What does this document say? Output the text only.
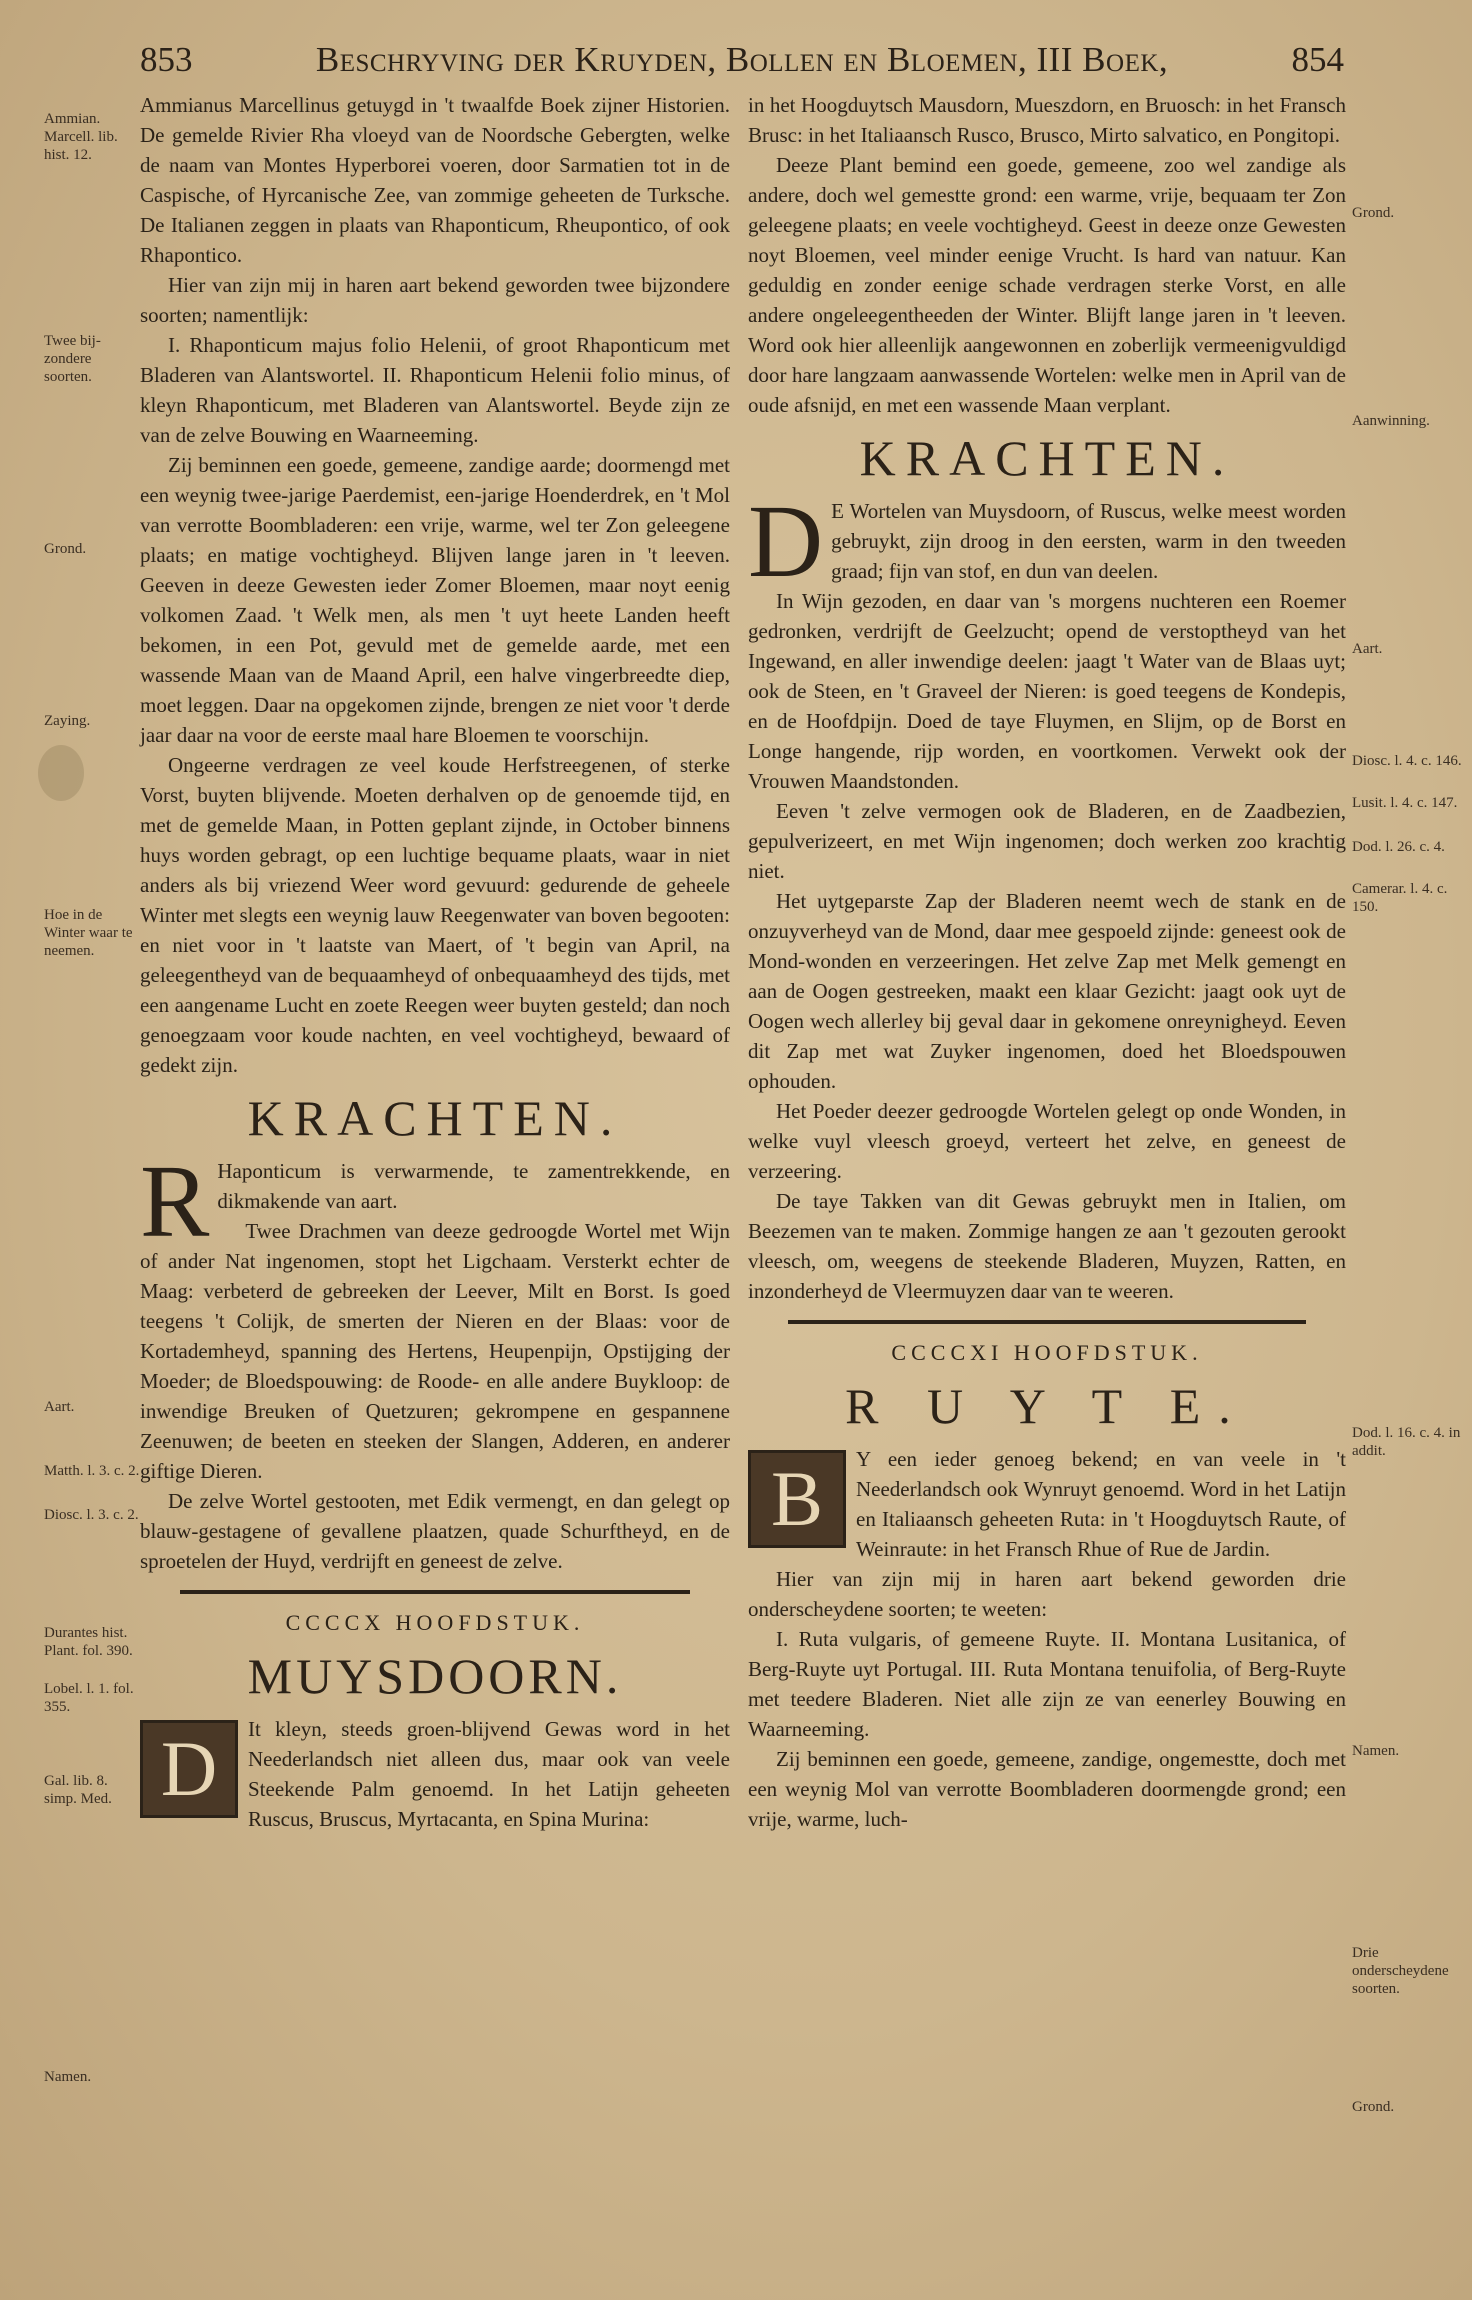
853	Beschryving der Kruyden, Bollen en Bloemen, III Boek,	854
Ammian. Marcell. lib. hist. 12.
Twee bij-zondere soorten.
Grond.
Zaying.
Hoe in de Winter waar te neemen.
Aart.
Matth. l. 3. c. 2.
Diosc. l. 3. c. 2.
Durantes hist. Plant. fol. 390.
Lobel. l. 1. fol. 355.
Gal. lib. 8. simp. Med.
Namen.

Ammianus Marcellinus getuygd in 't twaalfde Boek zijner Historien. De gemelde Rivier Rha vloeyd van de Noordsche Gebergten, welke de naam van Montes Hyperborei voeren, door Sarmatien tot in de Caspische, of Hyrcanische Zee, van zommige geheeten de Turksche. De Italianen zeggen in plaats van Rhaponticum, Rheupontico, of ook Rhapontico.

Hier van zijn mij in haren aart bekend geworden twee bijzondere soorten; namentlijk:

I. Rhaponticum majus folio Helenii, of groot Rhaponticum met Bladeren van Alantswortel. II. Rhaponticum Helenii folio minus, of kleyn Rhaponticum, met Bladeren van Alantswortel. Beyde zijn ze van de zelve Bouwing en Waarneeming.

Zij beminnen een goede, gemeene, zandige aarde; doormengd met een weynig twee-jarige Paerdemist, een-jarige Hoenderdrek, en 't Mol van verrotte Boombladeren: een vrije, warme, wel ter Zon geleegene plaats; en matige vochtigheyd. Blijven lange jaren in 't leeven. Geeven in deeze Gewesten ieder Zomer Bloemen, maar noyt eenig volkomen Zaad. 't Welk men, als men 't uyt heete Landen heeft bekomen, in een Pot, gevuld met de gemelde aarde, met een wassende Maan van de Maand April, een halve vingerbreedte diep, moet leggen. Daar na opgekomen zijnde, brengen ze niet voor 't derde jaar daar na voor de eerste maal hare Bloemen te voorschijn.

Ongeerne verdragen ze veel koude Herfstreegenen, of sterke Vorst, buyten blijvende. Moeten derhalven op de genoemde tijd, en met de gemelde Maan, in Potten geplant zijnde, in October binnens huys worden gebragt, op een luchtige bequame plaats, waar in niet anders als bij vriezend Weer word gevuurd: gedurende de geheele Winter met slegts een weynig lauw Reegenwater van boven begooten: en niet voor in 't laatste van Maert, of 't begin van April, na geleegentheyd van de bequaamheyd of onbequaamheyd des tijds, met een aangename Lucht en zoete Reegen weer buyten gesteld; dan noch genoegzaam voor koude nachten, en veel vochtigheyd, bewaard of gedekt zijn.

KRACHTEN.

R Haponticum is verwarmende, te zamentrekkende, en dikmakende van aart.

Twee Drachmen van deeze gedroogde Wortel met Wijn of ander Nat ingenomen, stopt het Ligchaam. Versterkt echter de Maag: verbeterd de gebreeken der Leever, Milt en Borst. Is goed teegens 't Colijk, de smerten der Nieren en der Blaas: voor de Kortademheyd, spanning des Hertens, Heupenpijn, Opstijging der Moeder; de Bloedspouwing: de Roode- en alle andere Buykloop: de inwendige Breuken of Quetzuren; gekrompene en gespannene Zeenuwen; de beeten en steeken der Slangen, Adderen, en anderer giftige Dieren.

De zelve Wortel gestooten, met Edik vermengt, en dan gelegt op blauw-gestagene of gevallene plaatzen, quade Schurftheyd, en de sproetelen der Huyd, verdrijft en geneest de zelve.

CCCCX HOOFDSTUK.
MUYSDOORN.

D	It kleyn, steeds groen-blijvend Gewas word in het Neederlandsch niet alleen dus, maar ook van veele Steekende Palm genoemd. In het Latijn geheeten Ruscus, Bruscus, Myrtacanta, en Spina Murina:

in het Hoogduytsch Mausdorn, Mueszdorn, en Bruosch: in het Fransch Brusc: in het Italiaansch Rusco, Brusco, Mirto salvatico, en Pongitopi.

Deeze Plant bemind een goede, gemeene, zoo wel zandige als andere, doch wel gemestte grond: een warme, vrije, bequaam ter Zon geleegene plaats; en veele vochtigheyd. Geest in deeze onze Gewesten noyt Bloemen, veel minder eenige Vrucht. Is hard van natuur. Kan geduldig en zonder eenige schade verdragen sterke Vorst, en alle andere ongeleegentheeden der Winter. Blijft lange jaren in 't leeven. Word ook hier alleenlijk aangewonnen en zoberlijk vermeenigvuldigd door hare langzaam aanwassende Wortelen: welke men in April van de oude afsnijd, en met een wassende Maan verplant.

KRACHTEN.

D E Wortelen van Muysdoorn, of Ruscus, welke meest worden gebruykt, zijn droog in den eersten, warm in den tweeden graad; fijn van stof, en dun van deelen.

In Wijn gezoden, en daar van 's morgens nuchteren een Roemer gedronken, verdrijft de Geelzucht; opend de verstoptheyd van het Ingewand, en aller inwendige deelen: jaagt 't Water van de Blaas uyt; ook de Steen, en 't Graveel der Nieren: is goed teegens de Kondepis, en de Hoofdpijn. Doed de taye Fluymen, en Slijm, op de Borst en Longe hangende, rijp worden, en voortkomen. Verwekt ook der Vrouwen Maandstonden.

Eeven 't zelve vermogen ook de Bladeren, en de Zaadbezien, gepulverizeert, en met Wijn ingenomen; doch werken zoo krachtig niet.

Het uytgeparste Zap der Bladeren neemt wech de stank en de onzuyverheyd van de Mond, daar mee gespoeld zijnde: geneest ook de Mond-wonden en verzeeringen. Het zelve Zap met Melk gemengt en aan de Oogen gestreeken, maakt een klaar Gezicht: jaagt ook uyt de Oogen wech allerley bij geval daar in gekomene onreynigheyd. Eeven dit Zap met wat Zuyker ingenomen, doed het Bloedspouwen ophouden.

Het Poeder deezer gedroogde Wortelen gelegt op onde Wonden, in welke vuyl vleesch groeyd, verteert het zelve, en geneest de verzeering.

De taye Takken van dit Gewas gebruykt men in Italien, om Beezemen van te maken. Zommige hangen ze aan 't gezouten gerookt vleesch, om, weegens de steekende Bladeren, Muyzen, Ratten, en inzonderheyd de Vleermuyzen daar van te weeren.

CCCCXI HOOFDSTUK.
R U Y T E.

B	Y een ieder genoeg bekend; en van veele in 't Neederlandsch ook Wynruyt genoemd. Word in het Latijn en Italiaansch geheeten Ruta: in 't Hoogduytsch Raute, of Weinraute: in het Fransch Rhue of Rue de Jardin.

Hier van zijn mij in haren aart bekend geworden drie onderscheydene soorten; te weeten:

I. Ruta vulgaris, of gemeene Ruyte. II. Montana Lusitanica, of Berg-Ruyte uyt Portugal. III. Ruta Montana tenuifolia, of Berg-Ruyte met teedere Bladeren. Niet alle zijn ze van eenerley Bouwing en Waarneeming.

Zij beminnen een goede, gemeene, zandige, ongemestte, doch met een weynig Mol van verrotte Boombladeren doormengde grond; een vrije, warme, luch-

Grond.
Aanwinning.
Aart.
Diosc. l. 4. c. 146.
Lusit. l. 4. c. 147.
Dod. l. 26. c. 4.
Camerar. l. 4. c. 150.
Dod. l. 16. c. 4. in addit.
Namen.
Drie onderscheydene soorten.
Grond.
